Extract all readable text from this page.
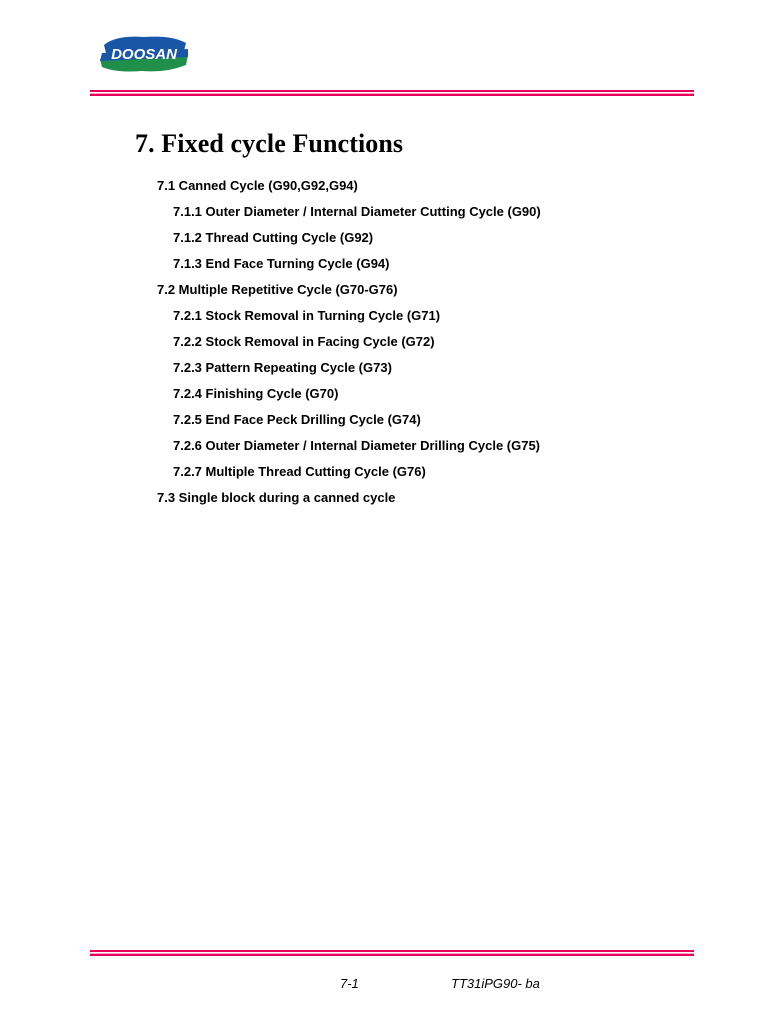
DOOSAN
7. Fixed cycle Functions
7.1 Canned Cycle (G90,G92,G94)
7.1.1 Outer Diameter / Internal Diameter Cutting Cycle (G90)
7.1.2 Thread Cutting Cycle (G92)
7.1.3 End Face Turning Cycle (G94)
7.2 Multiple Repetitive Cycle (G70-G76)
7.2.1 Stock Removal in Turning Cycle (G71)
7.2.2 Stock Removal in Facing Cycle (G72)
7.2.3 Pattern Repeating Cycle (G73)
7.2.4 Finishing Cycle (G70)
7.2.5 End Face Peck Drilling Cycle (G74)
7.2.6 Outer Diameter / Internal Diameter Drilling Cycle (G75)
7.2.7 Multiple Thread Cutting Cycle (G76)
7.3 Single block during a canned cycle
7-1	TT31iPG90- ba
